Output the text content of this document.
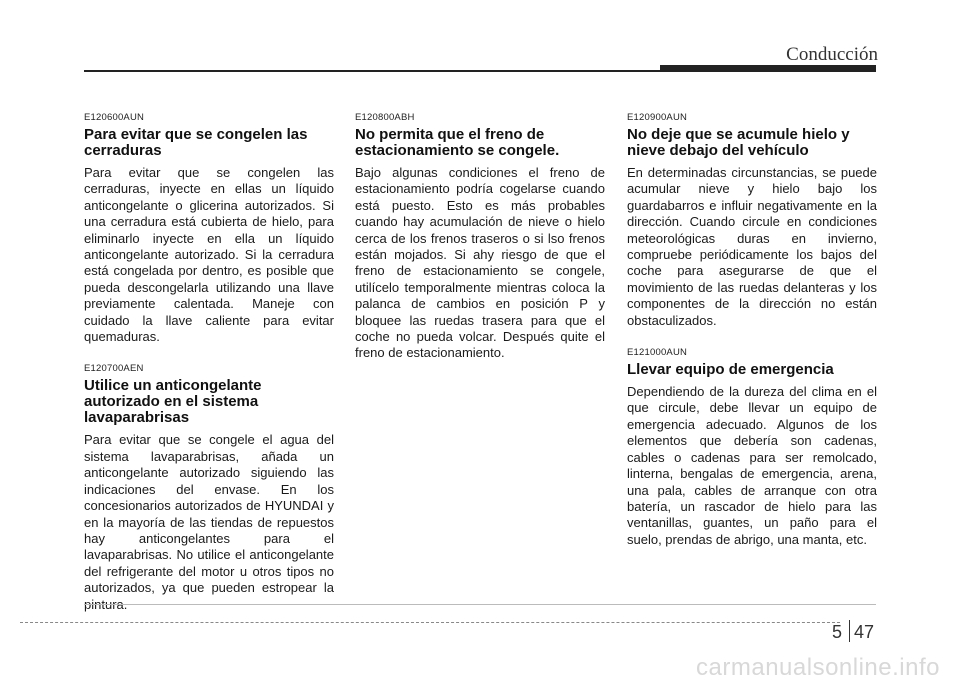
Conducción

E120600AUN

Para evitar que se congelen las cerraduras

Para evitar que se congelen las cerraduras, inyecte en ellas un líquido anticongelante o glicerina autorizados. Si una cerradura está cubierta de hielo, para eliminarlo inyecte en ella un líquido anticongelante autorizado. Si la cerradura está congelada por dentro, es posible que pueda descongelarla utilizando una llave previamente calentada. Maneje con cuidado la llave caliente para evitar quemaduras.

E120700AEN

Utilice un anticongelante autorizado en el sistema lavaparabrisas

Para evitar que se congele el agua del sistema lavaparabrisas, añada un anticongelante autorizado siguiendo las indicaciones del envase. En los concesionarios autorizados de HYUNDAI y en la mayoría de las tiendas de repuestos hay anticongelantes para el lavaparabrisas. No utilice el anticongelante del refrigerante del motor u otros tipos no autorizados, ya que pueden estropear la pintura.

E120800ABH

No permita que el freno de estacionamiento se congele.

Bajo algunas condiciones el freno de estacionamiento podría cogelarse cuando está puesto. Esto es más probables cuando hay acumulación de nieve o hielo cerca de los frenos traseros o si lso frenos están mojados. Si ahy riesgo de que el freno de estacionamiento se congele, utilícelo temporalmente mientras coloca la palanca de cambios en posición P y bloquee las ruedas trasera para que el coche no pueda volcar. Después quite el freno de estacionamiento.

E120900AUN

No deje que se acumule hielo y nieve debajo del vehículo

En determinadas circunstancias, se puede acumular nieve y hielo bajo los guardabarros e influir negativamente en la dirección. Cuando circule en condiciones meteorológicas duras en invierno, compruebe periódicamente los bajos del coche para asegurarse de que el movimiento de las ruedas delanteras y los componentes de la dirección no están obstaculizados.

E121000AUN

Llevar equipo de emergencia

Dependiendo de la dureza del clima en el que circule, debe llevar un equipo de emergencia adecuado. Algunos de los elementos que debería son cadenas, cables o cadenas para ser remolcado, linterna, bengalas de emergencia, arena, una pala, cables de arranque con otra batería, un rascador de hielo para las ventanillas, guantes, un paño para el suelo, prendas de abrigo, una manta, etc.

5 47
carmanualsonline.info
